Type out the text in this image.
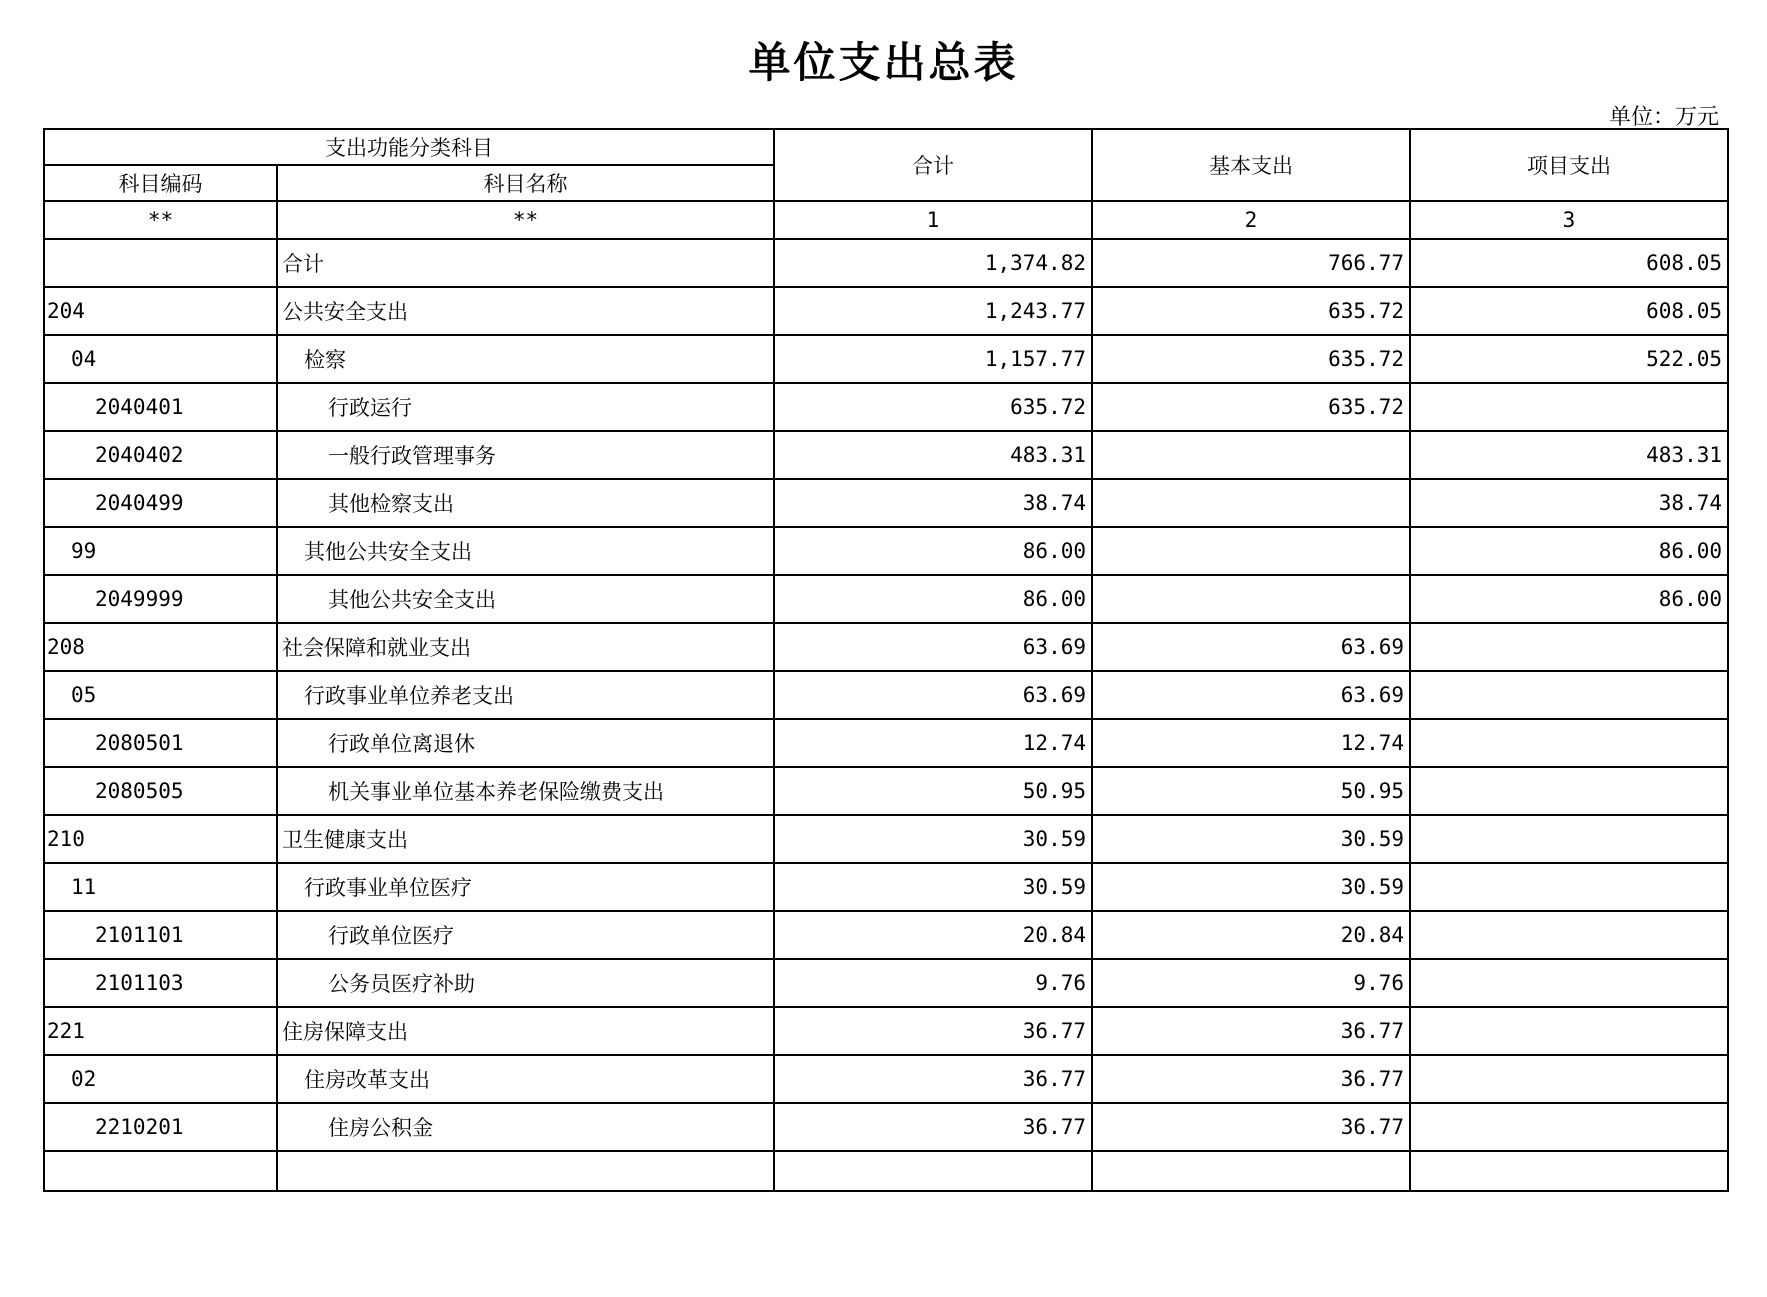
单位支出总表
单位：万元
支出功能分类科目		合计	基本支出	项目支出
科目编码	科目名称			
**	**	1	2	3
	合计	1,374.82	766.77	608.05
204	公共安全支出	1,243.77	635.72	608.05
04	检察	1,157.77	635.72	522.05
2040401	行政运行	635.72	635.72	
2040402	一般行政管理事务	483.31		483.31
2040499	其他检察支出	38.74		38.74
99	其他公共安全支出	86.00		86.00
2049999	其他公共安全支出	86.00		86.00
208	社会保障和就业支出	63.69	63.69	
05	行政事业单位养老支出	63.69	63.69	
2080501	行政单位离退休	12.74	12.74	
2080505	机关事业单位基本养老保险缴费支出	50.95	50.95	
210	卫生健康支出	30.59	30.59	
11	行政事业单位医疗	30.59	30.59	
2101101	行政单位医疗	20.84	20.84	
2101103	公务员医疗补助	9.76	9.76	
221	住房保障支出	36.77	36.77	
02	住房改革支出	36.77	36.77	
2210201	住房公积金	36.77	36.77	
